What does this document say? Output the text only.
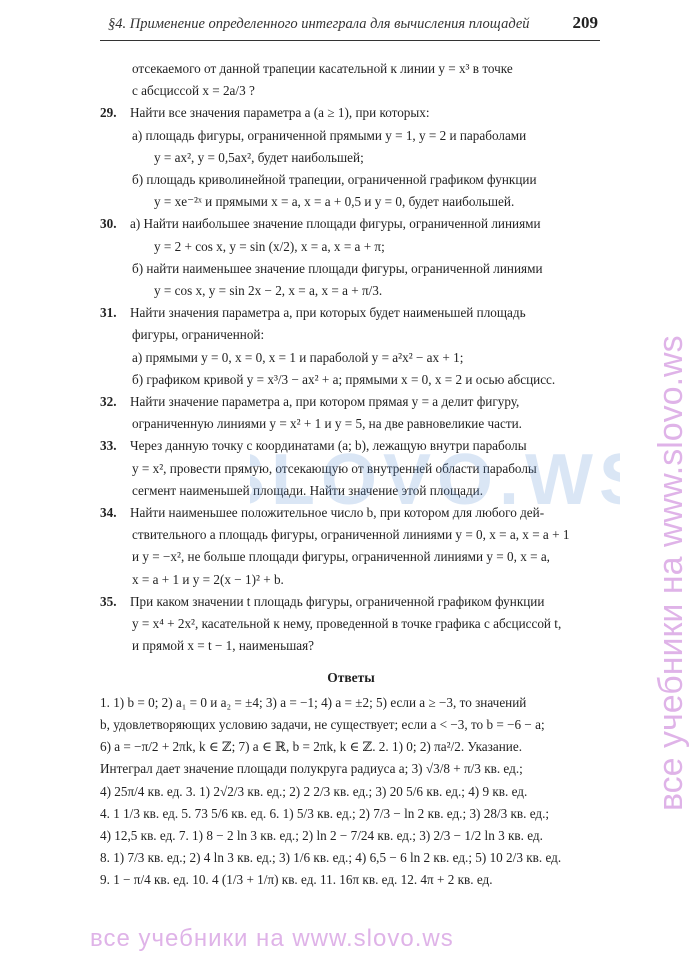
§4. Применение определенного интеграла для вычисления площадей	209
отсекаемого от данной трапеции касательной к линии y = x³ в точке
с абсциссой x = 2a/3 ?
29. Найти все значения параметра a (a ≥ 1), при которых:
а) площадь фигуры, ограниченной прямыми y = 1, y = 2 и параболами
y = ax², y = 0,5ax², будет наибольшей;
б) площадь криволинейной трапеции, ограниченной графиком функции
y = xe⁻²ˣ и прямыми x = a, x = a + 0,5 и y = 0, будет наибольшей.
30. а) Найти наибольшее значение площади фигуры, ограниченной линиями
y = 2 + cos x, y = sin (x/2), x = a, x = a + π;
б) найти наименьшее значение площади фигуры, ограниченной линиями
y = cos x, y = sin 2x − 2, x = a, x = a + π/3.
31. Найти значения параметра a, при которых будет наименьшей площадь
фигуры, ограниченной:
а) прямыми y = 0, x = 0, x = 1 и параболой y = a²x² − ax + 1;
б) графиком кривой y = x³/3 − ax² + a; прямыми x = 0, x = 2 и осью абсцисс.
32. Найти значение параметра a, при котором прямая y = a делит фигуру,
ограниченную линиями y = x² + 1 и y = 5, на две равновеликие части.
33. Через данную точку с координатами (a; b), лежащую внутри параболы
y = x², провести прямую, отсекающую от внутренней области параболы
сегмент наименьшей площади. Найти значение этой площади.
34. Найти наименьшее положительное число b, при котором для любого дей-
ствительного a площадь фигуры, ограниченной линиями y = 0, x = a, x = a + 1
и y = −x², не больше площади фигуры, ограниченной линиями y = 0, x = a,
x = a + 1 и y = 2(x − 1)² + b.
35. При каком значении t площадь фигуры, ограниченной графиком функции
y = x⁴ + 2x², касательной к нему, проведенной в точке графика с абсциссой t,
и прямой x = t − 1, наименьшая?
Ответы
1. 1) b = 0; 2) a₁ = 0 и a₂ = ±4; 3) a = −1; 4) a = ±2; 5) если a ≥ −3, то значений
b, удовлетворяющих условию задачи, не существует; если a < −3, то b = −6 − a;
6) a = −π/2 + 2πk, k ∈ ℤ; 7) a ∈ ℝ, b = 2πk, k ∈ ℤ. 2. 1) 0; 2) πa²/2. Указание.
Интеграл дает значение площади полукруга радиуса a; 3) √3/8 + π/3 кв. ед.;
4) 25π/4 кв. ед. 3. 1) 2√2/3 кв. ед.; 2) 2 2/3 кв. ед.; 3) 20 5/6 кв. ед.; 4) 9 кв. ед.
4. 1 1/3 кв. ед. 5. 73 5/6 кв. ед. 6. 1) 5/3 кв. ед.; 2) 7/3 − ln 2 кв. ед.; 3) 28/3 кв. ед.;
4) 12,5 кв. ед. 7. 1) 8 − 2 ln 3 кв. ед.; 2) ln 2 − 7/24 кв. ед.; 3) 2/3 − 1/2 ln 3 кв. ед.
8. 1) 7/3 кв. ед.; 2) 4 ln 3 кв. ед.; 3) 1/6 кв. ед.; 4) 6,5 − 6 ln 2 кв. ед.; 5) 10 2/3 кв. ед.
9. 1 − π/4 кв. ед. 10. 4 (1/3 + 1/π) кв. ед. 11. 16π кв. ед. 12. 4π + 2 кв. ед.
все учебники на www.slovo.ws
LOVO.W
все учебники на www.slovo.ws
